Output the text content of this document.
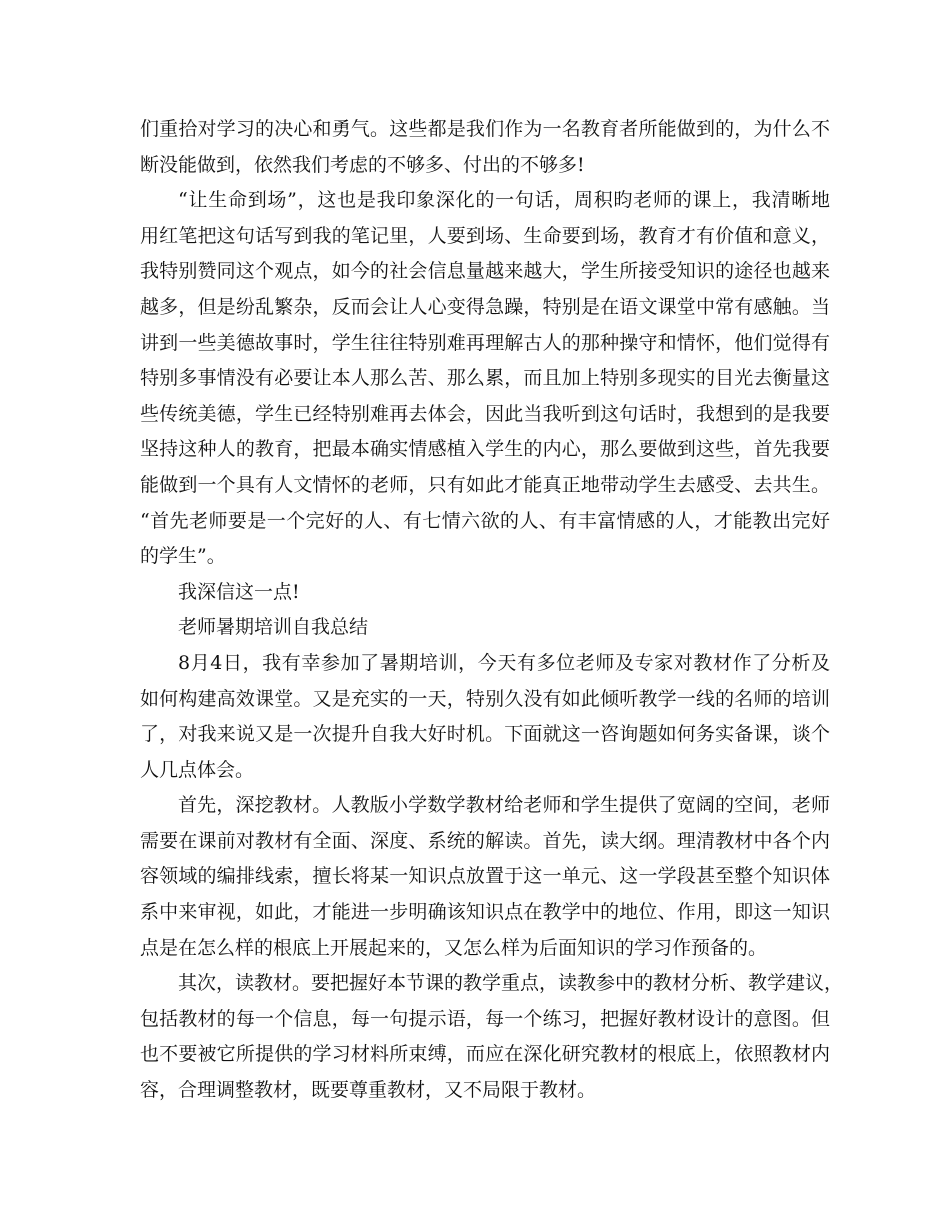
们重拾对学习的决心和勇气。这些都是我们作为一名教育者所能做到的，为什么不
断没能做到，依然我们考虑的不够多、付出的不够多!
“让生命到场”，这也是我印象深化的一句话，周积昀老师的课上，我清晰地
用红笔把这句话写到我的笔记里，人要到场、生命要到场，教育才有价值和意义，
我特别赞同这个观点，如今的社会信息量越来越大，学生所接受知识的途径也越来
越多，但是纷乱繁杂，反而会让人心变得急躁，特别是在语文课堂中常有感触。当
讲到一些美德故事时，学生往往特别难再理解古人的那种操守和情怀，他们觉得有
特别多事情没有必要让本人那么苦、那么累，而且加上特别多现实的目光去衡量这
些传统美德，学生已经特别难再去体会，因此当我听到这句话时，我想到的是我要
坚持这种人的教育，把最本确实情感植入学生的内心，那么要做到这些，首先我要
能做到一个具有人文情怀的老师，只有如此才能真正地带动学生去感受、去共生。
“首先老师要是一个完好的人、有七情六欲的人、有丰富情感的人，才能教出完好
的学生”。
我深信这一点!
老师暑期培训自我总结
8月4日，我有幸参加了暑期培训，今天有多位老师及专家对教材作了分析及
如何构建高效课堂。又是充实的一天，特别久没有如此倾听教学一线的名师的培训
了，对我来说又是一次提升自我大好时机。下面就这一咨询题如何务实备课，谈个
人几点体会。
首先，深挖教材。人教版小学数学教材给老师和学生提供了宽阔的空间，老师
需要在课前对教材有全面、深度、系统的解读。首先，读大纲。理清教材中各个内
容领域的编排线索，擅长将某一知识点放置于这一单元、这一学段甚至整个知识体
系中来审视，如此，才能进一步明确该知识点在教学中的地位、作用，即这一知识
点是在怎么样的根底上开展起来的，又怎么样为后面知识的学习作预备的。
其次，读教材。要把握好本节课的教学重点，读教参中的教材分析、教学建议，
包括教材的每一个信息，每一句提示语，每一个练习，把握好教材设计的意图。但
也不要被它所提供的学习材料所束缚，而应在深化研究教材的根底上，依照教材内
容，合理调整教材，既要尊重教材，又不局限于教材。
